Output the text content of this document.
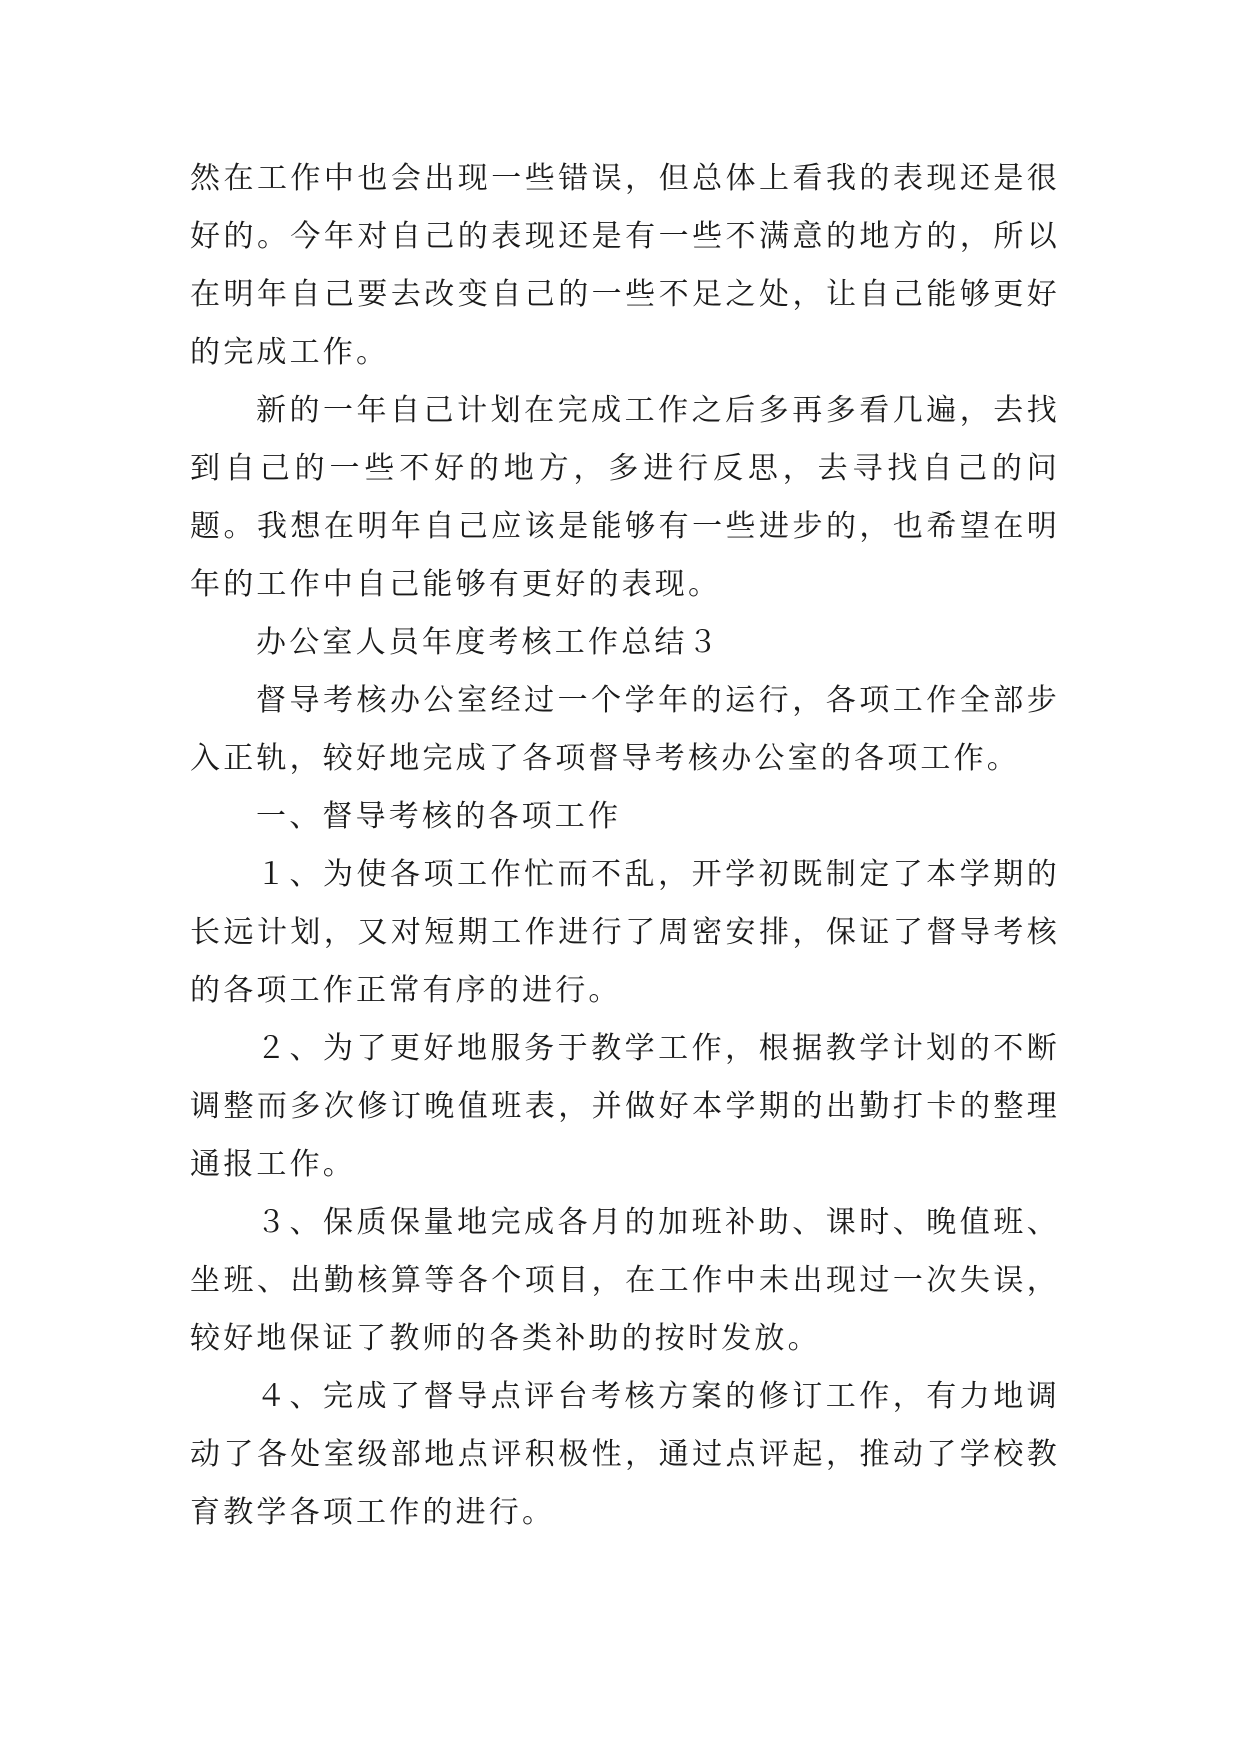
然在工作中也会出现一些错误，但总体上看我的表现还是很好的。今年对自己的表现还是有一些不满意的地方的，所以在明年自己要去改变自己的一些不足之处，让自己能够更好的完成工作。

新的一年自己计划在完成工作之后多再多看几遍，去找到自己的一些不好的地方，多进行反思，去寻找自己的问题。我想在明年自己应该是能够有一些进步的，也希望在明年的工作中自己能够有更好的表现。

办公室人员年度考核工作总结３

督导考核办公室经过一个学年的运行，各项工作全部步入正轨，较好地完成了各项督导考核办公室的各项工作。

一、督导考核的各项工作

１、为使各项工作忙而不乱，开学初既制定了本学期的长远计划，又对短期工作进行了周密安排，保证了督导考核的各项工作正常有序的进行。

２、为了更好地服务于教学工作，根据教学计划的不断调整而多次修订晚值班表，并做好本学期的出勤打卡的整理通报工作。

３、保质保量地完成各月的加班补助、课时、晚值班、坐班、出勤核算等各个项目，在工作中未出现过一次失误，较好地保证了教师的各类补助的按时发放。

４、完成了督导点评台考核方案的修订工作，有力地调动了各处室级部地点评积极性，通过点评起，推动了学校教育教学各项工作的进行。
